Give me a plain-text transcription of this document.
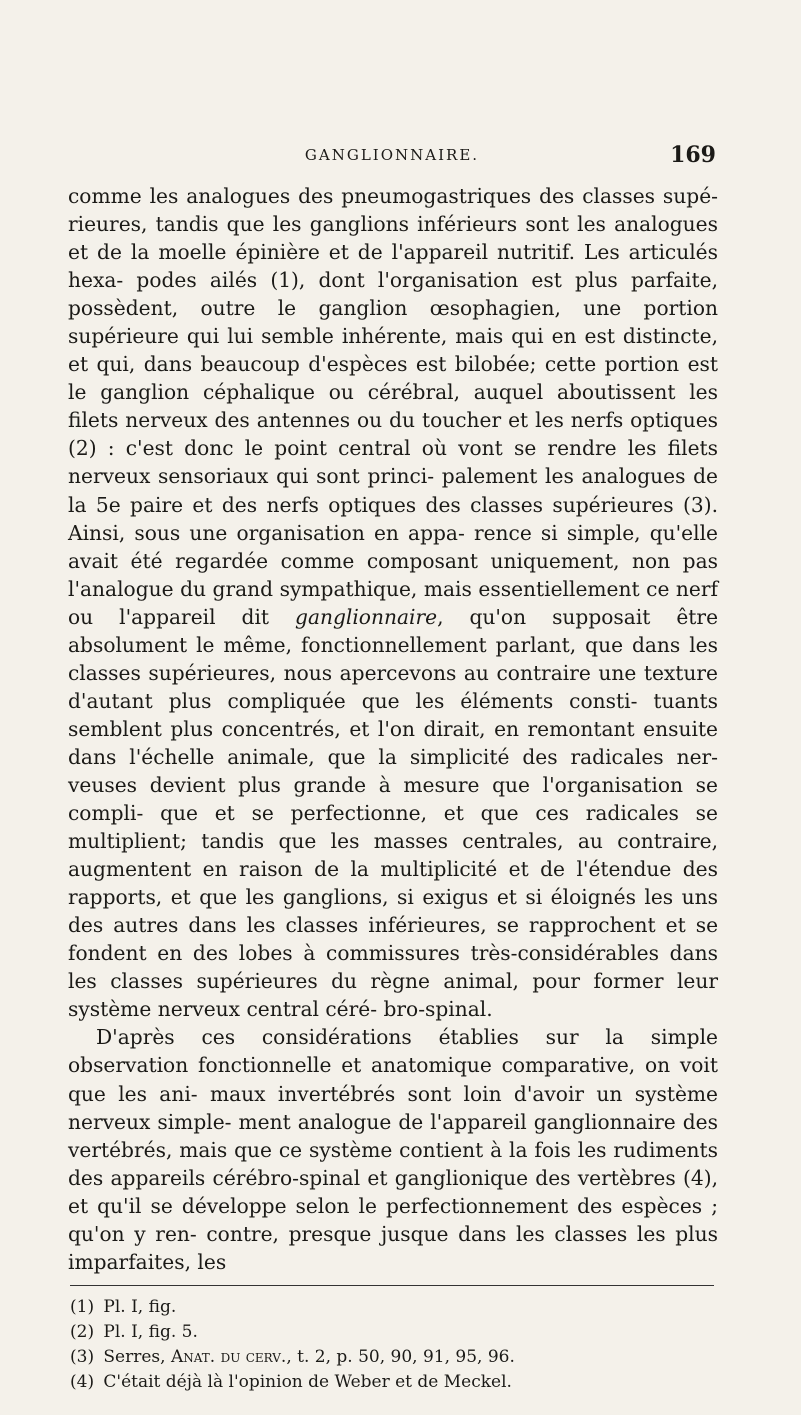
GANGLIONNAIRE.	169

comme les analogues des pneumogastriques des classes supé- rieures, tandis que les ganglions inférieurs sont les analogues et de la moelle épinière et de l'appareil nutritif. Les articulés hexa- podes ailés (1), dont l'organisation est plus parfaite, possèdent, outre le ganglion œsophagien, une portion supérieure qui lui semble inhérente, mais qui en est distincte, et qui, dans beaucoup d'espèces est bilobée; cette portion est le ganglion céphalique ou cérébral, auquel aboutissent les filets nerveux des antennes ou du toucher et les nerfs optiques (2) : c'est donc le point central où vont se rendre les filets nerveux sensoriaux qui sont princi- palement les analogues de la 5e paire et des nerfs optiques des classes supérieures (3). Ainsi, sous une organisation en appa- rence si simple, qu'elle avait été regardée comme composant uniquement, non pas l'analogue du grand sympathique, mais essentiellement ce nerf ou l'appareil dit ganglionnaire, qu'on supposait être absolument le même, fonctionnellement parlant, que dans les classes supérieures, nous apercevons au contraire une texture d'autant plus compliquée que les éléments consti- tuants semblent plus concentrés, et l'on dirait, en remontant ensuite dans l'échelle animale, que la simplicité des radicales ner- veuses devient plus grande à mesure que l'organisation se compli- que et se perfectionne, et que ces radicales se multiplient; tandis que les masses centrales, au contraire, augmentent en raison de la multiplicité et de l'étendue des rapports, et que les ganglions, si exigus et si éloignés les uns des autres dans les classes inférieures, se rapprochent et se fondent en des lobes à commissures très-considérables dans les classes supérieures du règne animal, pour former leur système nerveux central céré- bro-spinal.

D'après ces considérations établies sur la simple observation fonctionnelle et anatomique comparative, on voit que les ani- maux invertébrés sont loin d'avoir un système nerveux simple- ment analogue de l'appareil ganglionnaire des vertébrés, mais que ce système contient à la fois les rudiments des appareils cérébro-spinal et ganglionique des vertèbres (4), et qu'il se développe selon le perfectionnement des espèces ; qu'on y ren- contre, presque jusque dans les classes les plus imparfaites, les

(1) Pl. I, fig.
(2) Pl. I, fig. 5.
(3) Serres, Anat. du cerv., t. 2, p. 50, 90, 91, 95, 96.
(4) C'était déjà là l'opinion de Weber et de Meckel.
